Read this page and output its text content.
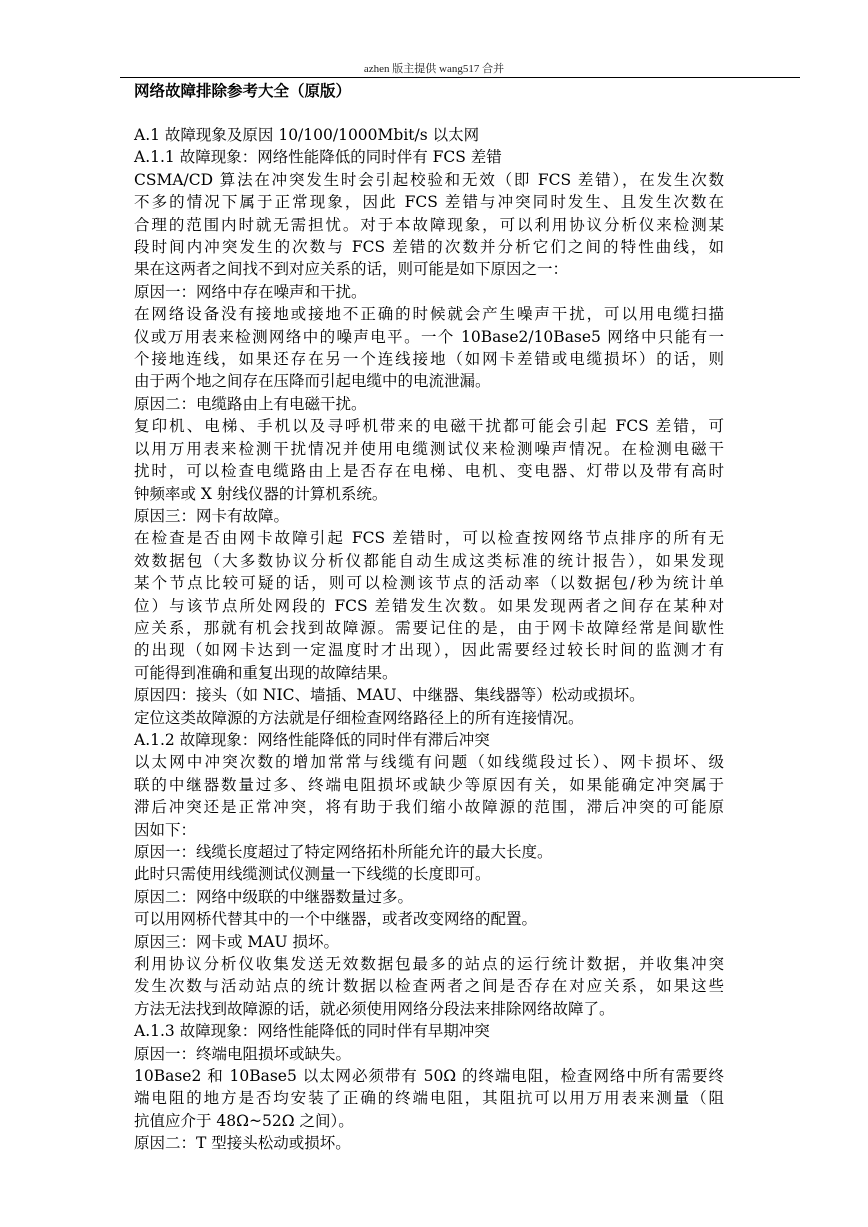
azhen 版主提供 wang517 合并
网络故障排除参考大全（原版）
A.1 故障现象及原因 10/100/1000Mbit/s 以太网
A.1.1 故障现象：网络性能降低的同时伴有 FCS 差错
CSMA/CD 算法在冲突发生时会引起校验和无效（即 FCS 差错），在发生次数
不多的情况下属于正常现象，因此 FCS 差错与冲突同时发生、且发生次数在
合理的范围内时就无需担忧。对于本故障现象，可以利用协议分析仪来检测某
段时间内冲突发生的次数与 FCS 差错的次数并分析它们之间的特性曲线，如
果在这两者之间找不到对应关系的话，则可能是如下原因之一：
原因一：网络中存在噪声和干扰。
在网络设备没有接地或接地不正确的时候就会产生噪声干扰，可以用电缆扫描
仪或万用表来检测网络中的噪声电平。一个 10Base2/10Base5 网络中只能有一
个接地连线，如果还存在另一个连线接地（如网卡差错或电缆损坏）的话，则
由于两个地之间存在压降而引起电缆中的电流泄漏。
原因二：电缆路由上有电磁干扰。
复印机、电梯、手机以及寻呼机带来的电磁干扰都可能会引起 FCS 差错，可
以用万用表来检测干扰情况并使用电缆测试仪来检测噪声情况。在检测电磁干
扰时，可以检查电缆路由上是否存在电梯、电机、变电器、灯带以及带有高时
钟频率或 X 射线仪器的计算机系统。
原因三：网卡有故障。
在检查是否由网卡故障引起 FCS 差错时，可以检查按网络节点排序的所有无
效数据包（大多数协议分析仪都能自动生成这类标准的统计报告），如果发现
某个节点比较可疑的话，则可以检测该节点的活动率（以数据包/秒为统计单
位）与该节点所处网段的 FCS 差错发生次数。如果发现两者之间存在某种对
应关系，那就有机会找到故障源。需要记住的是，由于网卡故障经常是间歇性
的出现（如网卡达到一定温度时才出现），因此需要经过较长时间的监测才有
可能得到准确和重复出现的故障结果。
原因四：接头（如 NIC、墙插、MAU、中继器、集线器等）松动或损坏。
定位这类故障源的方法就是仔细检查网络路径上的所有连接情况。
A.1.2 故障现象：网络性能降低的同时伴有滞后冲突
以太网中冲突次数的增加常常与线缆有问题（如线缆段过长）、网卡损坏、级
联的中继器数量过多、终端电阻损坏或缺少等原因有关，如果能确定冲突属于
滞后冲突还是正常冲突，将有助于我们缩小故障源的范围，滞后冲突的可能原
因如下：
原因一：线缆长度超过了特定网络拓朴所能允许的最大长度。
此时只需使用线缆测试仪测量一下线缆的长度即可。
原因二：网络中级联的中继器数量过多。
可以用网桥代替其中的一个中继器，或者改变网络的配置。
原因三：网卡或 MAU 损坏。
利用协议分析仪收集发送无效数据包最多的站点的运行统计数据，并收集冲突
发生次数与活动站点的统计数据以检查两者之间是否存在对应关系，如果这些
方法无法找到故障源的话，就必须使用网络分段法来排除网络故障了。
A.1.3 故障现象：网络性能降低的同时伴有早期冲突
原因一：终端电阻损坏或缺失。
10Base2 和 10Base5 以太网必须带有 50Ω 的终端电阻，检查网络中所有需要终
端电阻的地方是否均安装了正确的终端电阻，其阻抗可以用万用表来测量（阻
抗值应介于 48Ω~52Ω 之间）。
原因二：T 型接头松动或损坏。
